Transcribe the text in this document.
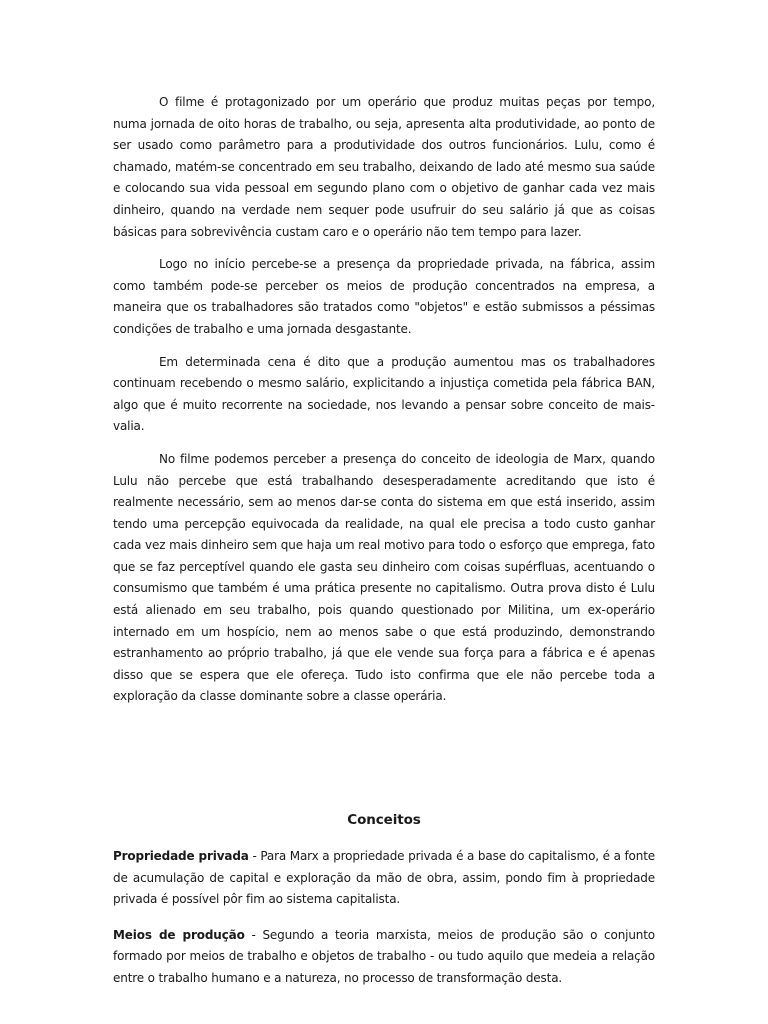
O filme é protagonizado por um operário que produz muitas peças por tempo, numa jornada de oito horas de trabalho, ou seja, apresenta alta produtividade, ao ponto de ser usado como parâmetro para a produtividade dos outros funcionários. Lulu, como é chamado, matém-se concentrado em seu trabalho, deixando de lado até mesmo sua saúde e colocando sua vida pessoal em segundo plano com o objetivo de ganhar cada vez mais dinheiro, quando na verdade nem sequer pode usufruir do seu salário já que as coisas básicas para sobrevivência custam caro e o operário não tem tempo para lazer.

Logo no início percebe-se a presença da propriedade privada, na fábrica, assim como também pode-se perceber os meios de produção concentrados na empresa, a maneira que os trabalhadores são tratados como "objetos" e estão submissos a péssimas condições de trabalho e uma jornada desgastante.

Em determinada cena é dito que a produção aumentou mas os trabalhadores continuam recebendo o mesmo salário, explicitando a injustiça cometida pela fábrica BAN, algo que é muito recorrente na sociedade, nos levando a pensar sobre conceito de mais-valia.

No filme podemos perceber a presença do conceito de ideologia de Marx, quando Lulu não percebe que está trabalhando desesperadamente acreditando que isto é realmente necessário, sem ao menos dar-se conta do sistema em que está inserido, assim tendo uma percepção equivocada da realidade, na qual ele precisa a todo custo ganhar cada vez mais dinheiro sem que haja um real motivo para todo o esforço que emprega, fato que se faz perceptível quando ele gasta seu dinheiro com coisas supérfluas, acentuando o consumismo que também é uma prática presente no capitalismo. Outra prova disto é Lulu está alienado em seu trabalho, pois quando questionado por Militina, um ex-operário internado em um hospício, nem ao menos sabe o que está produzindo, demonstrando estranhamento ao próprio trabalho, já que ele vende sua força para a fábrica e é apenas disso que se espera que ele ofereça. Tudo isto confirma que ele não percebe toda a exploração da classe dominante sobre a classe operária.

Conceitos

Propriedade privada - Para Marx a propriedade privada é a base do capitalismo, é a fonte de acumulação de capital e exploração da mão de obra, assim, pondo fim à propriedade privada é possível pôr fim ao sistema capitalista.

Meios de produção - Segundo a teoria marxista, meios de produção são o conjunto formado por meios de trabalho e objetos de trabalho - ou tudo aquilo que medeia a relação entre o trabalho humano e a natureza, no processo de transformação desta.
